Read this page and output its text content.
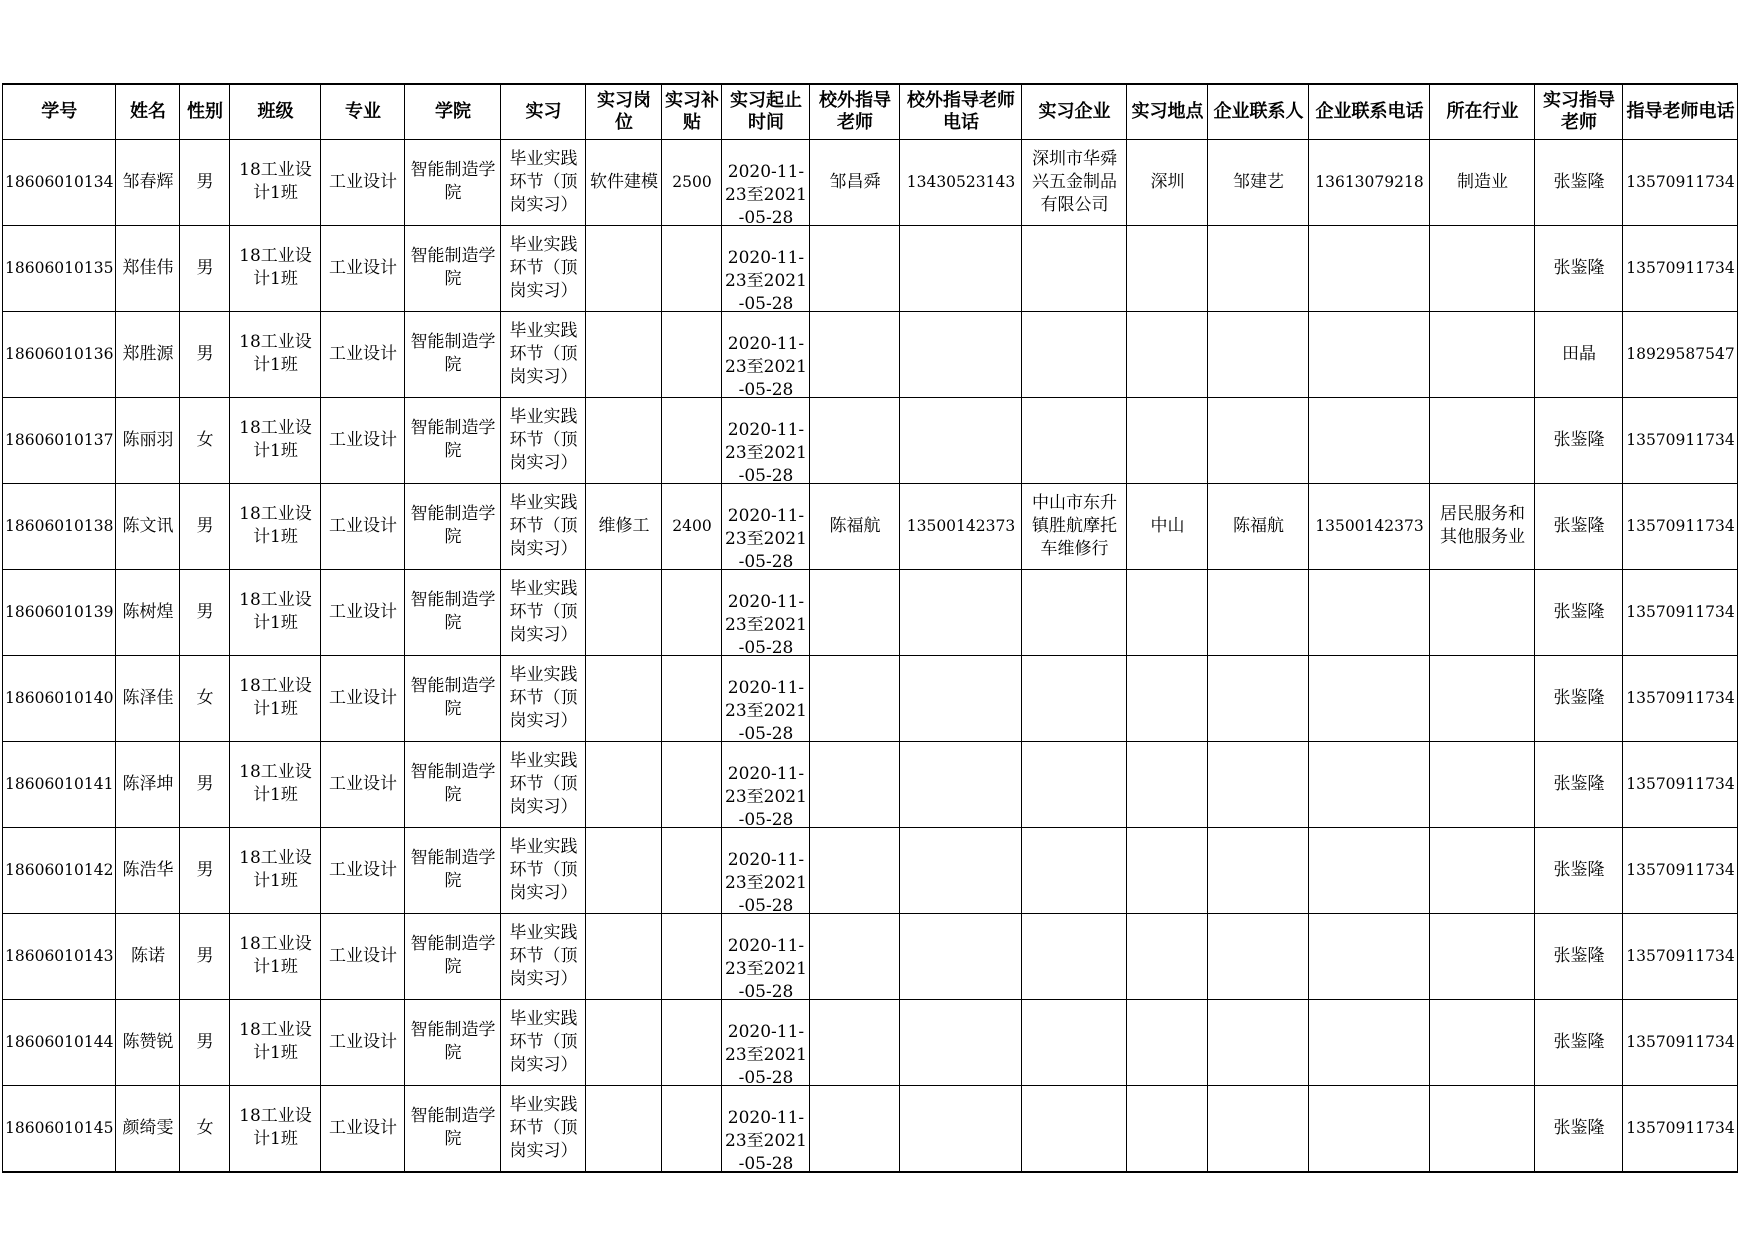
学号	姓名	性别	班级	专业	学院	实习	实习岗位	实习补贴	实习起止时间	校外指导老师	校外指导老师电话	实习企业	实习地点	企业联系人	企业联系电话	所在行业	实习指导老师	指导老师电话
18606010134	邹春辉	男	18工业设计1班	工业设计	智能制造学院	毕业实践环节（顶岗实习）	软件建模	2500	2020-11-23至2021-05-28	邹昌舜	13430523143	深圳市华舜兴五金制品有限公司	深圳	邹建艺	13613079218	制造业	张鉴隆	13570911734
18606010135	郑佳伟	男	18工业设计1班	工业设计	智能制造学院	毕业实践环节（顶岗实习）			2020-11-23至2021-05-28								张鉴隆	13570911734
18606010136	郑胜源	男	18工业设计1班	工业设计	智能制造学院	毕业实践环节（顶岗实习）			2020-11-23至2021-05-28								田晶	18929587547
18606010137	陈丽羽	女	18工业设计1班	工业设计	智能制造学院	毕业实践环节（顶岗实习）			2020-11-23至2021-05-28								张鉴隆	13570911734
18606010138	陈文讯	男	18工业设计1班	工业设计	智能制造学院	毕业实践环节（顶岗实习）	维修工	2400	2020-11-23至2021-05-28	陈福航	13500142373	中山市东升镇胜航摩托车维修行	中山	陈福航	13500142373	居民服务和其他服务业	张鉴隆	13570911734
18606010139	陈树煌	男	18工业设计1班	工业设计	智能制造学院	毕业实践环节（顶岗实习）			2020-11-23至2021-05-28								张鉴隆	13570911734
18606010140	陈泽佳	女	18工业设计1班	工业设计	智能制造学院	毕业实践环节（顶岗实习）			2020-11-23至2021-05-28								张鉴隆	13570911734
18606010141	陈泽坤	男	18工业设计1班	工业设计	智能制造学院	毕业实践环节（顶岗实习）			2020-11-23至2021-05-28								张鉴隆	13570911734
18606010142	陈浩华	男	18工业设计1班	工业设计	智能制造学院	毕业实践环节（顶岗实习）			2020-11-23至2021-05-28								张鉴隆	13570911734
18606010143	陈诺	男	18工业设计1班	工业设计	智能制造学院	毕业实践环节（顶岗实习）			2020-11-23至2021-05-28								张鉴隆	13570911734
18606010144	陈赞锐	男	18工业设计1班	工业设计	智能制造学院	毕业实践环节（顶岗实习）			2020-11-23至2021-05-28								张鉴隆	13570911734
18606010145	颜绮雯	女	18工业设计1班	工业设计	智能制造学院	毕业实践环节（顶岗实习）			2020-11-23至2021-05-28								张鉴隆	13570911734
